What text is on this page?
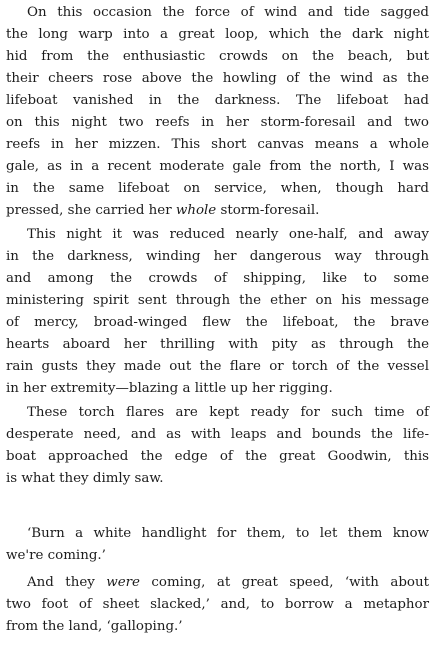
On this occasion the force of wind and tide sagged
the long warp into a great loop, which the dark night
hid from the enthusiastic crowds on the beach, but
their cheers rose above the howling of the wind as the
lifeboat vanished in the darkness. The lifeboat had
on this night two reefs in her storm-foresail and two
reefs in her mizzen. This short canvas means a whole
gale, as in a recent moderate gale from the north, I was
in the same lifeboat on service, when, though hard
pressed, she carried her whole storm-foresail.
This night it was reduced nearly one-half, and away
in the darkness, winding her dangerous way through
and among the crowds of shipping, like to some
ministering spirit sent through the ether on his message
of mercy, broad-winged flew the lifeboat, the brave
hearts aboard her thrilling with pity as through the
rain gusts they made out the flare or torch of the vessel
in her extremity—blazing a little up her rigging.
These torch flares are kept ready for such time of
desperate need, and as with leaps and bounds the life-
boat approached the edge of the great Goodwin, this
is what they dimly saw.
‘Burn a white handlight for them, to let them know
we're coming.’
And they were coming, at great speed, ‘with about
two foot of sheet slacked,’ and, to borrow a metaphor
from the land, ‘galloping.’
